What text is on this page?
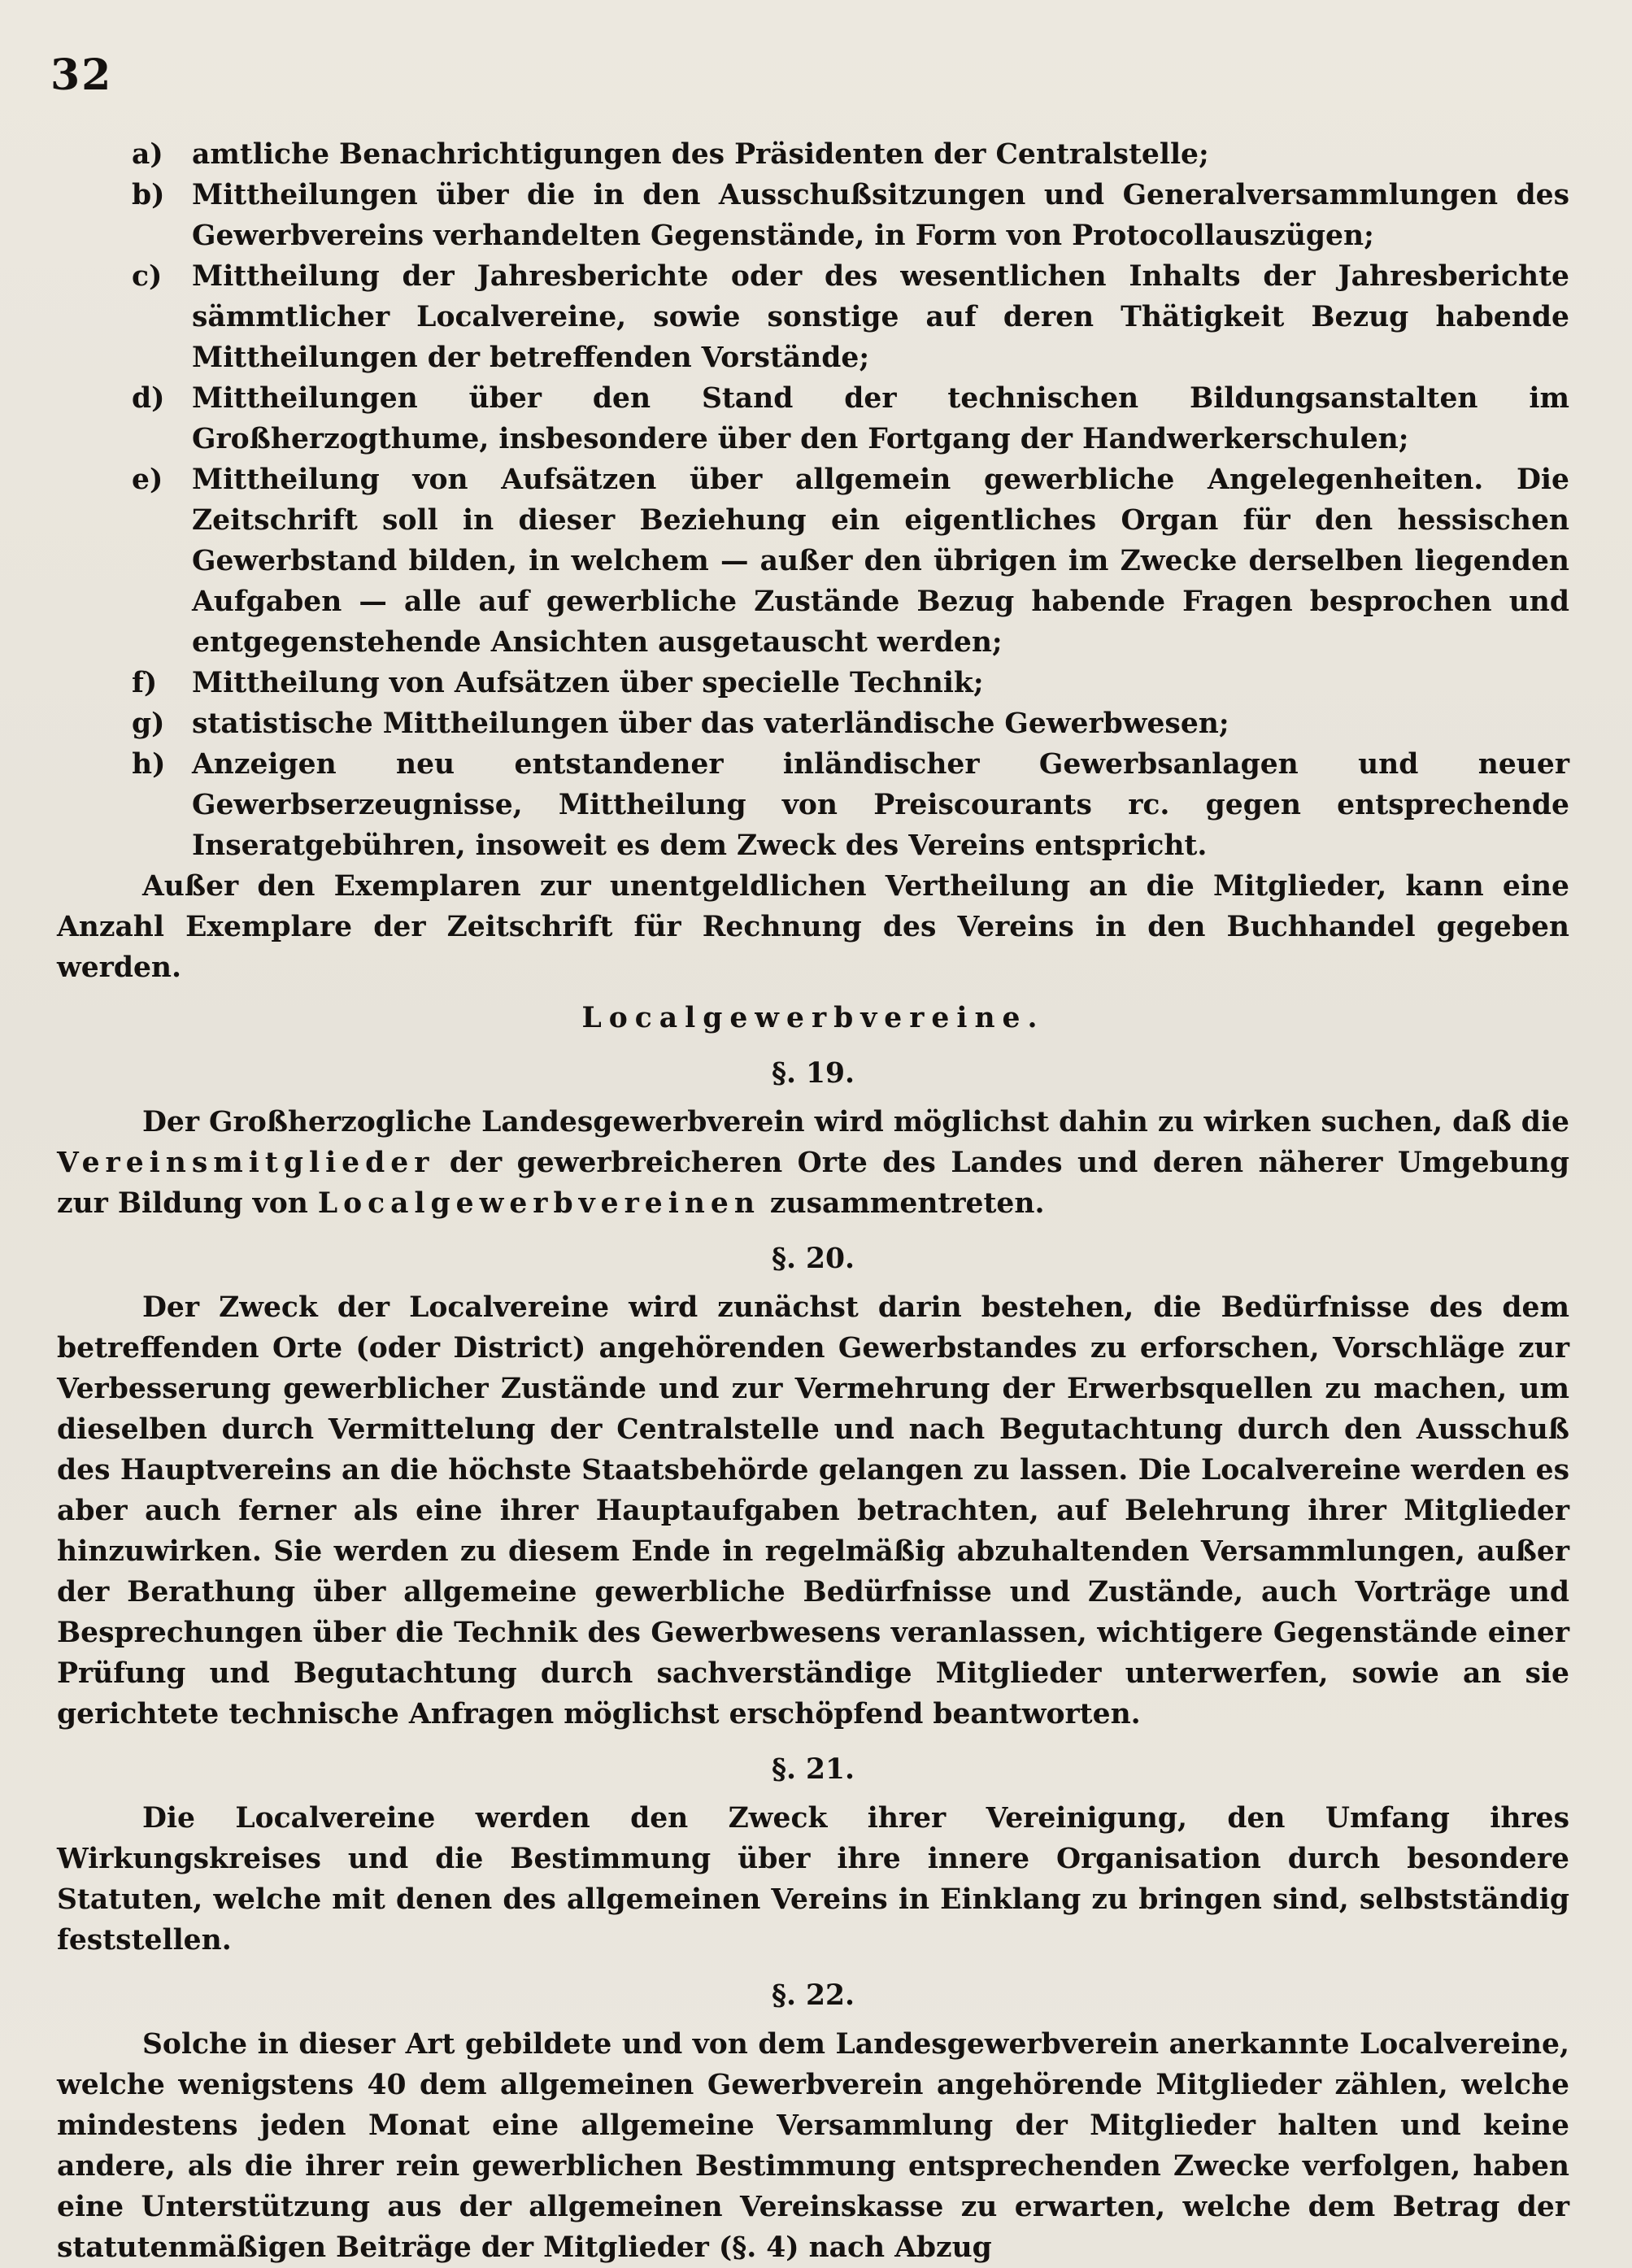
32
a)	amtliche Benachrichtigungen des Präsidenten der Centralstelle;
b) Mittheilungen über die in den Ausschußsitzungen und Generalversammlungen des Gewerbvereins verhandelten Gegenstände, in Form von Protocollauszügen;
c)	Mittheilung der Jahresberichte oder des wesentlichen Inhalts der Jahresberichte sämmtlicher Localvereine, sowie sonstige auf deren Thätigkeit Bezug habende Mittheilungen der betreffenden Vorstände;
d) Mittheilungen über den Stand der technischen Bildungsanstalten im Großherzogthume, insbesondere über den Fortgang der Handwerkerschulen;
e)	Mittheilung von Aufsätzen über allgemein gewerbliche Angelegenheiten. Die Zeitschrift soll in dieser Beziehung ein eigentliches Organ für den hessischen Gewerbstand bilden, in welchem — außer den übrigen im Zwecke derselben liegenden Aufgaben — alle auf gewerbliche Zustände Bezug habende Fragen besprochen und entgegenstehende Ansichten ausgetauscht werden;
f)	Mittheilung von Aufsätzen über specielle Technik;
g) statistische Mittheilungen über das vaterländische Gewerbwesen;
h) Anzeigen neu entstandener inländischer Gewerbsanlagen und neuer Gewerbserzeugnisse, Mittheilung von Preiscourants rc. gegen entsprechende Inseratgebühren, insoweit es dem Zweck des Vereins entspricht.

Außer den Exemplaren zur unentgeldlichen Vertheilung an die Mitglieder, kann eine Anzahl Exemplare der Zeitschrift für Rechnung des Vereins in den Buchhandel gegeben werden.

Localgewerbvereine.
§. 19.

Der Großherzogliche Landesgewerbverein wird möglichst dahin zu wirken suchen, daß die Vereinsmitglieder der gewerbreicheren Orte des Landes und deren näherer Umgebung zur Bildung von Localgewerbvereinen zusammentreten.

§. 20.

Der Zweck der Localvereine wird zunächst darin bestehen, die Bedürfnisse des dem betreffenden Orte (oder District) angehörenden Gewerbstandes zu erforschen, Vorschläge zur Verbesserung gewerblicher Zustände und zur Vermehrung der Erwerbsquellen zu machen, um dieselben durch Vermittelung der Centralstelle und nach Begutachtung durch den Ausschuß des Hauptvereins an die höchste Staatsbehörde gelangen zu lassen. Die Localvereine werden es aber auch ferner als eine ihrer Hauptaufgaben betrachten, auf Belehrung ihrer Mitglieder hinzuwirken. Sie werden zu diesem Ende in regelmäßig abzuhaltenden Versammlungen, außer der Berathung über allgemeine gewerbliche Bedürfnisse und Zustände, auch Vorträge und Besprechungen über die Technik des Gewerbwesens veranlassen, wichtigere Gegenstände einer Prüfung und Begutachtung durch sachverständige Mitglieder unterwerfen, sowie an sie gerichtete technische Anfragen möglichst erschöpfend beantworten.

§. 21.

Die Localvereine werden den Zweck ihrer Vereinigung, den Umfang ihres Wirkungskreises und die Bestimmung über ihre innere Organisation durch besondere Statuten, welche mit denen des allgemeinen Vereins in Einklang zu bringen sind, selbstständig feststellen.

§. 22.

Solche in dieser Art gebildete und von dem Landesgewerbverein anerkannte Localvereine, welche wenigstens 40 dem allgemeinen Gewerbverein angehörende Mitglieder zählen, welche mindestens jeden Monat eine allgemeine Versammlung der Mitglieder halten und keine andere, als die ihrer rein gewerblichen Bestimmung entsprechenden Zwecke verfolgen, haben eine Unterstützung aus der allgemeinen Vereinskasse zu erwarten, welche dem Betrag der statutenmäßigen Beiträge der Mitglieder (§. 4) nach Abzug
